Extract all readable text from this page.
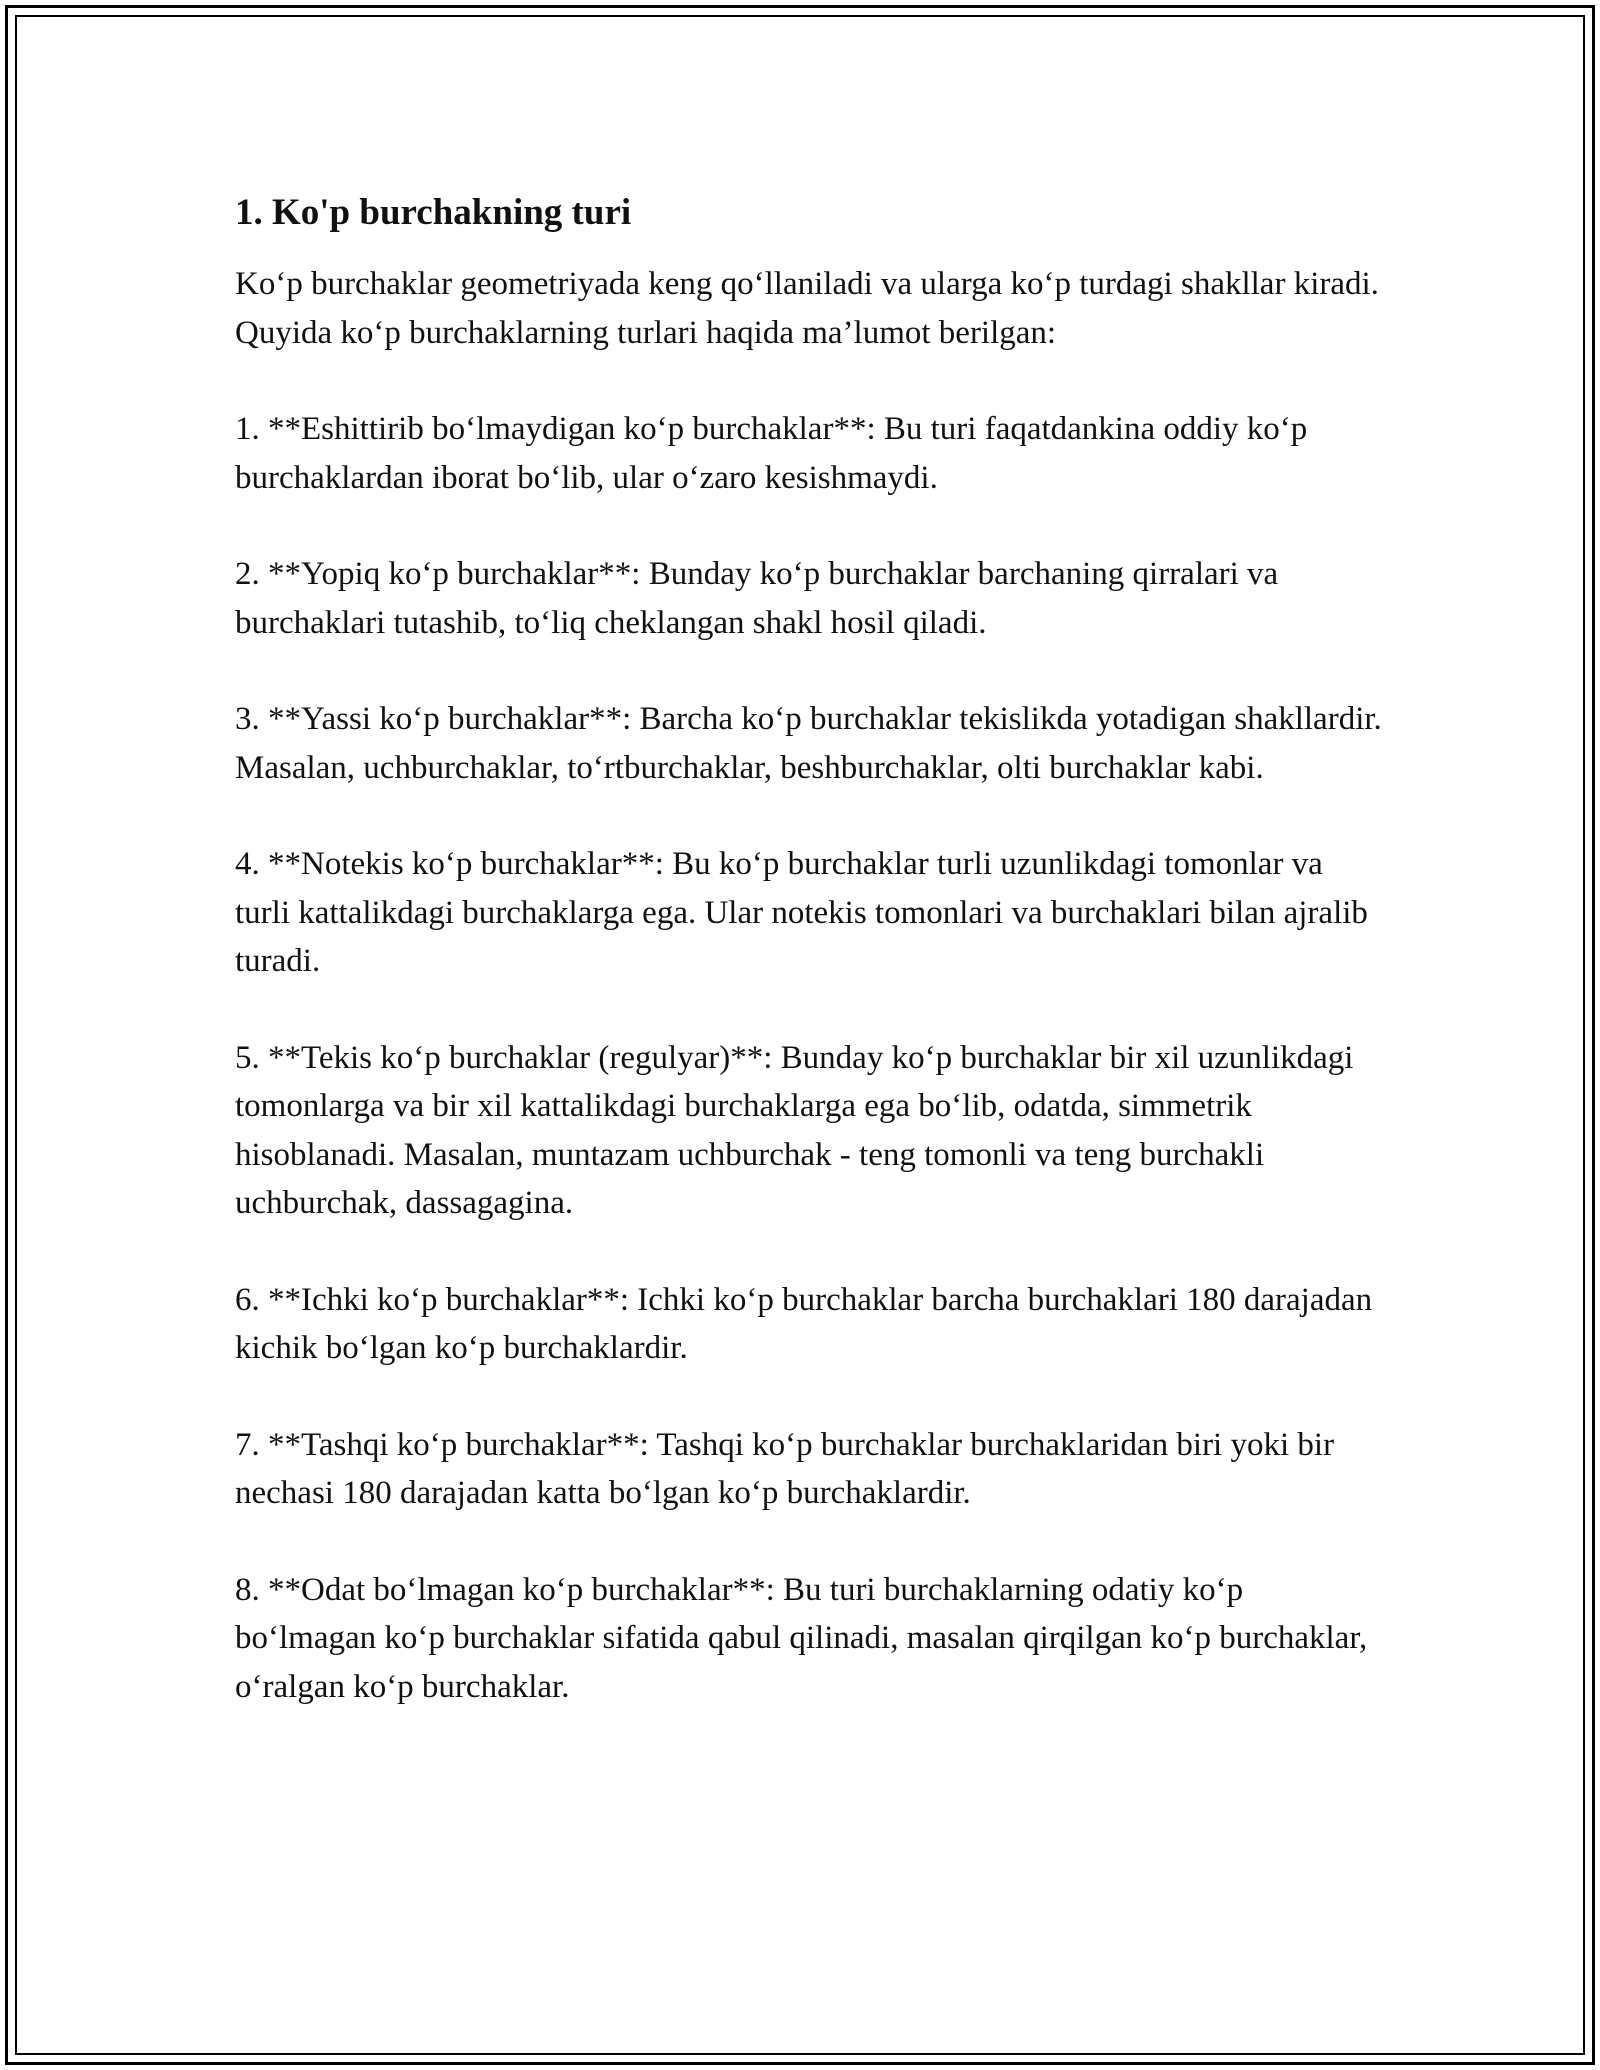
1. Ko'p burchakning turi

Ko‘p burchaklar geometriyada keng qo‘llaniladi va ularga ko‘p turdagi shakllar kiradi. Quyida ko‘p burchaklarning turlari haqida ma’lumot berilgan:

1. **Eshittirib bo‘lmaydigan ko‘p burchaklar**: Bu turi faqatdankina oddiy ko‘p burchaklardan iborat bo‘lib, ular o‘zaro kesishmaydi.

2. **Yopiq ko‘p burchaklar**: Bunday ko‘p burchaklar barchaning qirralari va burchaklari tutashib, to‘liq cheklangan shakl hosil qiladi.

3. **Yassi ko‘p burchaklar**: Barcha ko‘p burchaklar tekislikda yotadigan shakllardir. Masalan, uchburchaklar, to‘rtburchaklar, beshburchaklar, olti burchaklar kabi.

4. **Notekis ko‘p burchaklar**: Bu ko‘p burchaklar turli uzunlikdagi tomonlar va turli kattalikdagi burchaklarga ega. Ular notekis tomonlari va burchaklari bilan ajralib turadi.

5. **Tekis ko‘p burchaklar (regulyar)**: Bunday ko‘p burchaklar bir xil uzunlikdagi tomonlarga va bir xil kattalikdagi burchaklarga ega bo‘lib, odatda, simmetrik hisoblanadi. Masalan, muntazam uchburchak - teng tomonli va teng burchakli uchburchak, dassagagina.

6. **Ichki ko‘p burchaklar**: Ichki ko‘p burchaklar barcha burchaklari 180 darajadan kichik bo‘lgan ko‘p burchaklardir.

7. **Tashqi ko‘p burchaklar**: Tashqi ko‘p burchaklar burchaklaridan biri yoki bir nechasi 180 darajadan katta bo‘lgan ko‘p burchaklardir.

8. **Odat bo‘lmagan ko‘p burchaklar**: Bu turi burchaklarning odatiy ko‘p bo‘lmagan ko‘p burchaklar sifatida qabul qilinadi, masalan qirqilgan ko‘p burchaklar, o‘ralgan ko‘p burchaklar.
